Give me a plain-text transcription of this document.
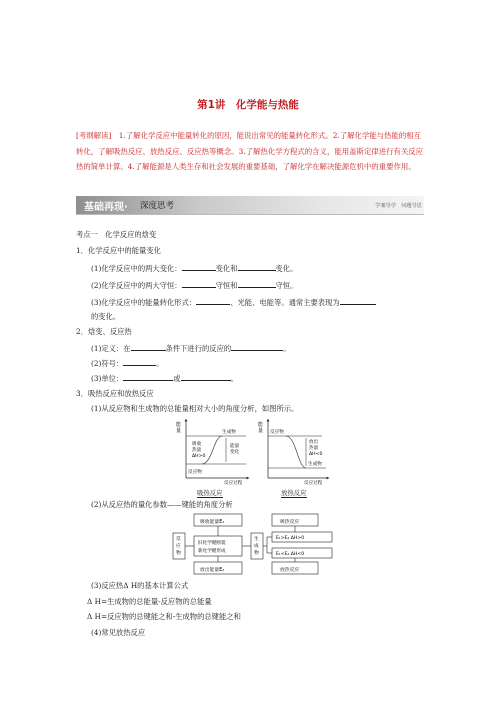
第1讲　化学能与热能
[考纲解读]　1.了解化学反应中能量转化的原因，能说出常见的能量转化形式。2.了解化学能与热能的相互转化，了解吸热反应、放热反应、反应热等概念。3.了解热化学方程式的含义，能用盖斯定律进行有关反应热的简单计算。4.了解能源是人类生存和社会发展的重要基础，了解化学在解决能源危机中的重要作用。
基础再现· 深度思考	学案导学　问题导思
考点一　化学反应的焓变
1．化学反应中的能量变化
(1)化学反应中的两大变化：	变化和	变化。
(2)化学反应中的两大守恒：	守恒和	守恒。
(3)化学反应中的能量转化形式：	、光能、电能等。通常主要表现为
的变化。
2．焓变、反应热
(1)定义：在	条件下进行的反应的	。
(2)符号：	。
(3)单位：	或	。
3．吸热反应和放热反应
(1)从反应物和生成物的总能量相对大小的角度分析，如图所示。
能
量	生成物
吸收
热量
ΔH>0
能量
变化
反应物
反应过程
能
量 反应物
放出
热量
ΔH<0
生成物
反应过程
吸热反应	放热反应
(2)从反应热的量化参数——键能的角度分析
吸收能量E₁
反
应
物
旧化学键断裂
新化学键形成
生
成
物
放出能量E₂
吸热反应
E₁>E₂ ΔH>0
E₁<E₂ ΔH<0
放热反应
(3)反应热Δ H的基本计算公式
Δ H=生成物的总能量-反应物的总能量
Δ H=反应物的总键能之和-生成物的总键能之和
(4)常见放热反应
